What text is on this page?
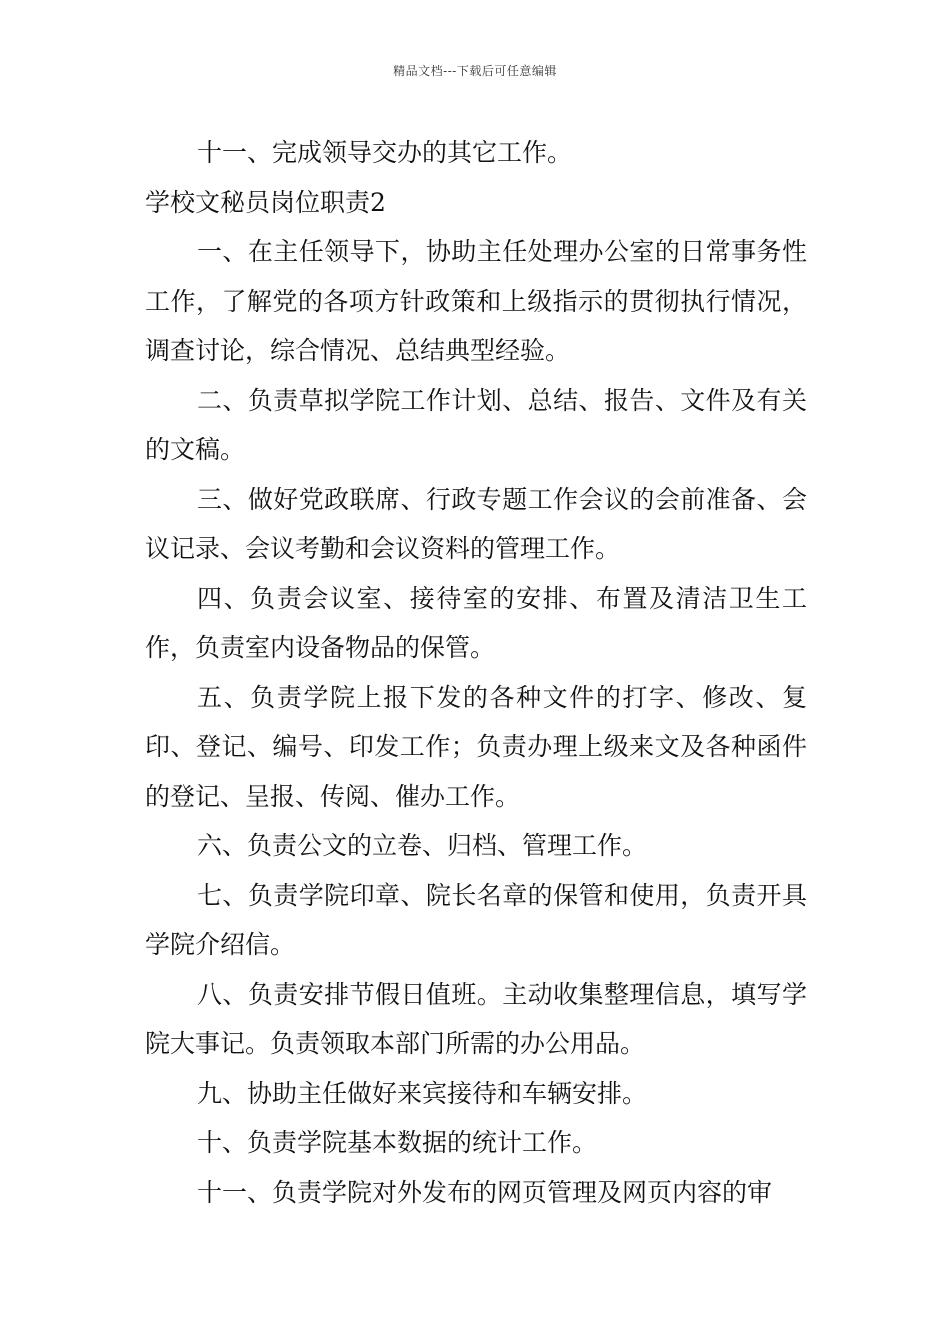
精品文档---下载后可任意编辑

十一、完成领导交办的其它工作。

学校文秘员岗位职责2

一、在主任领导下，协助主任处理办公室的日常事务性工作，了解党的各项方针政策和上级指示的贯彻执行情况，调查讨论，综合情况、总结典型经验。

二、负责草拟学院工作计划、总结、报告、文件及有关的文稿。

三、做好党政联席、行政专题工作会议的会前准备、会议记录、会议考勤和会议资料的管理工作。

四、负责会议室、接待室的安排、布置及清洁卫生工作，负责室内设备物品的保管。

五、负责学院上报下发的各种文件的打字、修改、复印、登记、编号、印发工作；负责办理上级来文及各种函件的登记、呈报、传阅、催办工作。

六、负责公文的立卷、归档、管理工作。

七、负责学院印章、院长名章的保管和使用，负责开具学院介绍信。

八、负责安排节假日值班。主动收集整理信息，填写学院大事记。负责领取本部门所需的办公用品。

九、协助主任做好来宾接待和车辆安排。

十、负责学院基本数据的统计工作。

十一、负责学院对外发布的网页管理及网页内容的审
